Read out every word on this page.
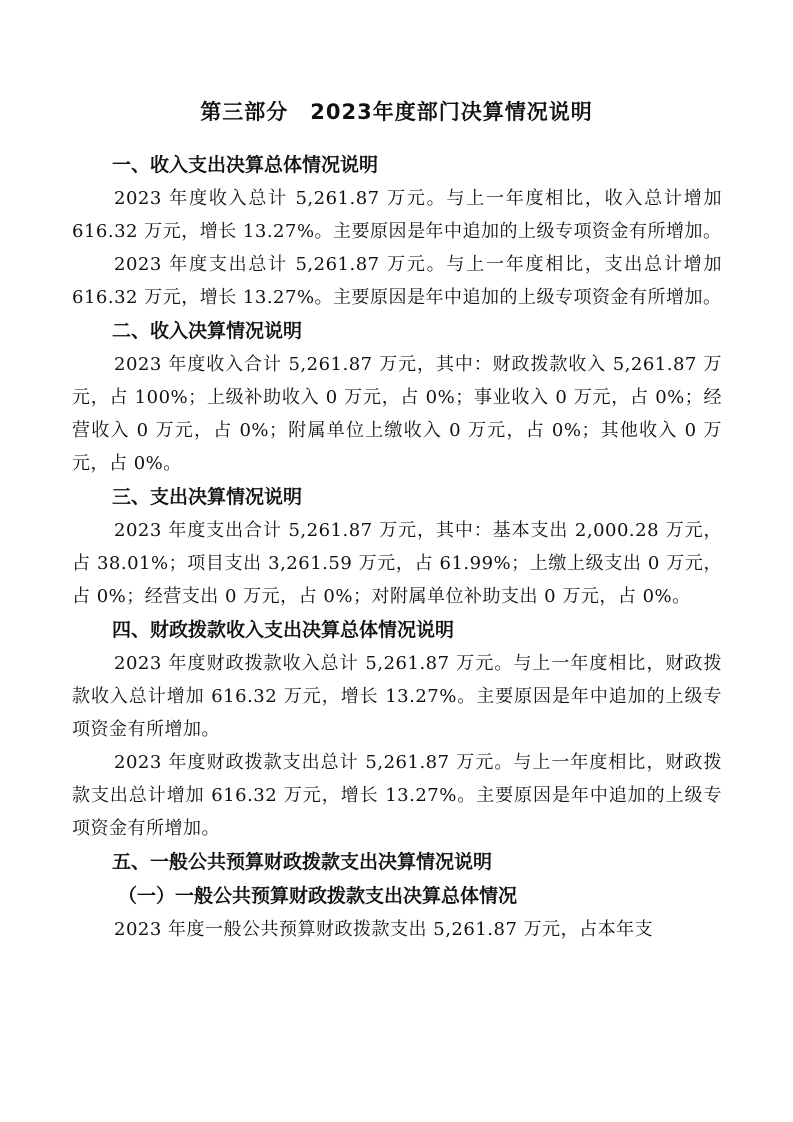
第三部分　2023年度部门决算情况说明
一、收入支出决算总体情况说明

2023 年度收入总计 5,261.87 万元。与上一年度相比，收入总计增加 616.32 万元，增长 13.27%。主要原因是年中追加的上级专项资金有所增加。

2023 年度支出总计 5,261.87 万元。与上一年度相比，支出总计增加 616.32 万元，增长 13.27%。主要原因是年中追加的上级专项资金有所增加。

二、收入决算情况说明

2023 年度收入合计 5,261.87 万元，其中：财政拨款收入 5,261.87 万元，占 100%；上级补助收入 0 万元，占 0%；事业收入 0 万元，占 0%；经营收入 0 万元，占 0%；附属单位上缴收入 0 万元，占 0%；其他收入 0 万元，占 0%。

三、支出决算情况说明

2023 年度支出合计 5,261.87 万元，其中：基本支出 2,000.28 万元，占 38.01%；项目支出 3,261.59 万元，占 61.99%；上缴上级支出 0 万元，占 0%；经营支出 0 万元，占 0%；对附属单位补助支出 0 万元，占 0%。

四、财政拨款收入支出决算总体情况说明

2023 年度财政拨款收入总计 5,261.87 万元。与上一年度相比，财政拨款收入总计增加 616.32 万元，增长 13.27%。主要原因是年中追加的上级专项资金有所增加。

2023 年度财政拨款支出总计 5,261.87 万元。与上一年度相比，财政拨款支出总计增加 616.32 万元，增长 13.27%。主要原因是年中追加的上级专项资金有所增加。

五、一般公共预算财政拨款支出决算情况说明
（一）一般公共预算财政拨款支出决算总体情况

2023 年度一般公共预算财政拨款支出 5,261.87 万元，占本年支
